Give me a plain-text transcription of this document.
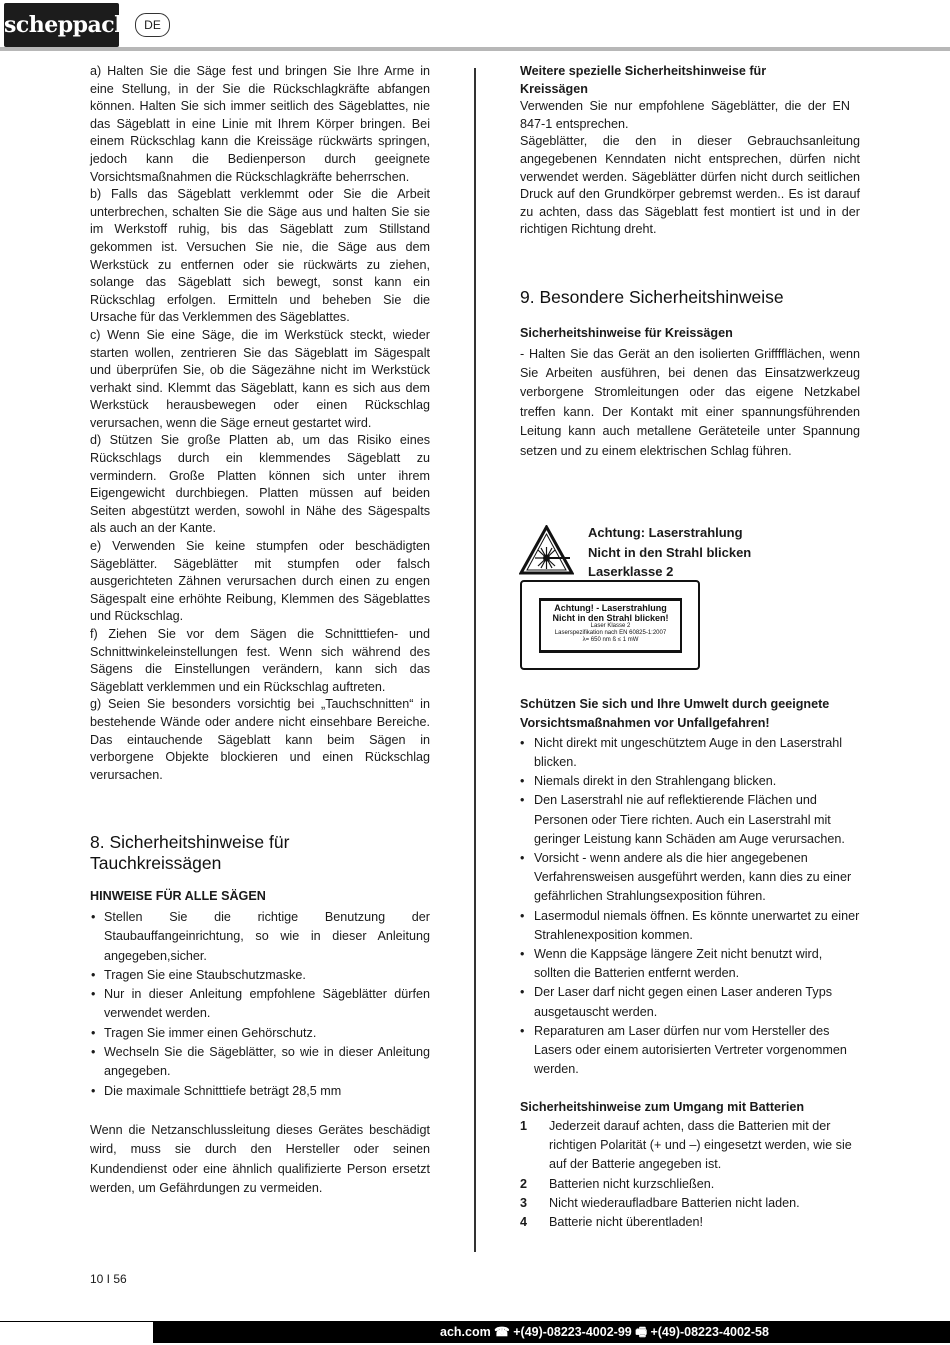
scheppach	DE

a) Halten Sie die Säge fest und bringen Sie Ihre Arme in eine Stellung, in der Sie die Rückschlagkräfte abfangen können. Halten Sie sich immer seitlich des Sägeblattes, nie das Sägeblatt in eine Linie mit Ihrem Körper bringen. Bei einem Rückschlag kann die Kreissäge rückwärts springen, jedoch kann die Bedienperson durch geeignete Vorsichtsmaßnahmen die Rückschlagkräfte beherrschen.

b) Falls das Sägeblatt verklemmt oder Sie die Arbeit unterbrechen, schalten Sie die Säge aus und halten Sie sie im Werkstoff ruhig, bis das Sägeblatt zum Stillstand gekommen ist. Versuchen Sie nie, die Säge aus dem Werkstück zu entfernen oder sie rückwärts zu ziehen, solange das Sägeblatt sich bewegt, sonst kann ein Rückschlag erfolgen. Ermitteln und beheben Sie die Ursache für das Verklemmen des Sägeblattes.

c) Wenn Sie eine Säge, die im Werkstück steckt, wieder starten wollen, zentrieren Sie das Sägeblatt im Sägespalt und überprüfen Sie, ob die Sägezähne nicht im Werkstück verhakt sind. Klemmt das Sägeblatt, kann es sich aus dem Werkstück herausbewegen oder einen Rückschlag verursachen, wenn die Säge erneut gestartet wird.

d) Stützen Sie große Platten ab, um das Risiko eines Rückschlags durch ein klemmendes Sägeblatt zu vermindern. Große Platten können sich unter ihrem Eigengewicht durchbiegen. Platten müssen auf beiden Seiten abgestützt werden, sowohl in Nähe des Sägespalts als auch an der Kante.

e) Verwenden Sie keine stumpfen oder beschädigten Sägeblätter. Sägeblätter mit stumpfen oder falsch ausgerichteten Zähnen verursachen durch einen zu engen Sägespalt eine erhöhte Reibung, Klemmen des Sägeblattes und Rückschlag.

f) Ziehen Sie vor dem Sägen die Schnitttiefen- und Schnittwinkeleinstellungen fest. Wenn sich während des Sägens die Einstellungen verändern, kann sich das Sägeblatt verklemmen und ein Rückschlag auftreten.

g) Seien Sie besonders vorsichtig bei „Tauchschnitten“ in bestehende Wände oder andere nicht einsehbare Bereiche. Das eintauchende Sägeblatt kann beim Sägen in verborgene Objekte blockieren und einen Rückschlag verursachen.

8. Sicherheitshinweise für Tauchkreissägen
HINWEISE FÜR ALLE SÄGEN
• Stellen Sie die richtige Benutzung der Staubauffangeinrichtung, so wie in dieser Anleitung angegeben,sicher.
• Tragen Sie eine Staubschutzmaske.
• Nur in dieser Anleitung empfohlene Sägeblätter dürfen verwendet werden.
• Tragen Sie immer einen Gehörschutz.
• Wechseln Sie die Sägeblätter, so wie in dieser Anleitung angegeben.
• Die maximale Schnitttiefe beträgt 28,5 mm

Wenn die Netzanschlussleitung dieses Gerätes beschädigt wird, muss sie durch den Hersteller oder seinen Kundendienst oder eine ähnlich qualifizierte Person ersetzt werden, um Gefährdungen zu vermeiden.

Weitere spezielle Sicherheitshinweise für Kreissägen

Verwenden Sie nur empfohlene Sägeblätter, die der EN 847-1 entsprechen.

Sägeblätter, die den in dieser Gebrauchsanleitung angegebenen Kenndaten nicht entsprechen, dürfen nicht verwendet werden. Sägeblätter dürfen nicht durch seitlichen Druck auf den Grundkörper gebremst werden.. Es ist darauf zu achten, dass das Sägeblatt fest montiert ist und in der richtigen Richtung dreht.

9. Besondere Sicherheitshinweise
Sicherheitshinweise für Kreissägen

- Halten Sie das Gerät an den isolierten Grifffflächen, wenn Sie Arbeiten ausführen, bei denen das Einsatzwerkzeug verborgene Stromleitungen oder das eigene Netzkabel treffen kann. Der Kontakt mit einer spannungsführenden Leitung kann auch metallene Geräteteile unter Spannung setzen und zu einem elektrischen Schlag führen.

Achtung: Laserstrahlung
Nicht in den Strahl blicken
Laserklasse 2
Achtung! - Laserstrahlung
Nicht in den Strahl blicken!
Laser Klasse 2
Laserspezifikation nach EN 60825-1:2007
λ= 650 nm ß ≤ 1 mW
Schützen Sie sich und Ihre Umwelt durch geeignete Vorsichtsmaßnahmen vor Unfallgefahren!
• Nicht direkt mit ungeschütztem Auge in den Laserstrahl blicken.
• Niemals direkt in den Strahlengang blicken.
• Den Laserstrahl nie auf reflektierende Flächen und Personen oder Tiere richten. Auch ein Laserstrahl mit geringer Leistung kann Schäden am Auge verursachen.
• Vorsicht - wenn andere als die hier angegebenen Verfahrensweisen ausgeführt werden, kann dies zu einer gefährlichen Strahlungsexposition führen.
• Lasermodul niemals öffnen. Es könnte unerwartet zu einer Strahlenexposition kommen.
• Wenn die Kappsäge längere Zeit nicht benutzt wird, sollten die Batterien entfernt werden.
• Der Laser darf nicht gegen einen Laser anderen Typs ausgetauscht werden.
• Reparaturen am Laser dürfen nur vom Hersteller des Lasers oder einem autorisierten Vertreter vorgenommen werden.
Sicherheitshinweise zum Umgang mit Batterien
1 Jederzeit darauf achten, dass die Batterien mit der richtigen Polarität (+ und –) eingesetzt werden, wie sie auf der Batterie angegeben ist.
2 Batterien nicht kurzschließen.
3 Nicht wiederaufladbare Batterien nicht laden.
4 Batterie nicht überentladen!
10 I 56
ach.com ☎ +(49)-08223-4002-99 🖷 +(49)-08223-4002-58
